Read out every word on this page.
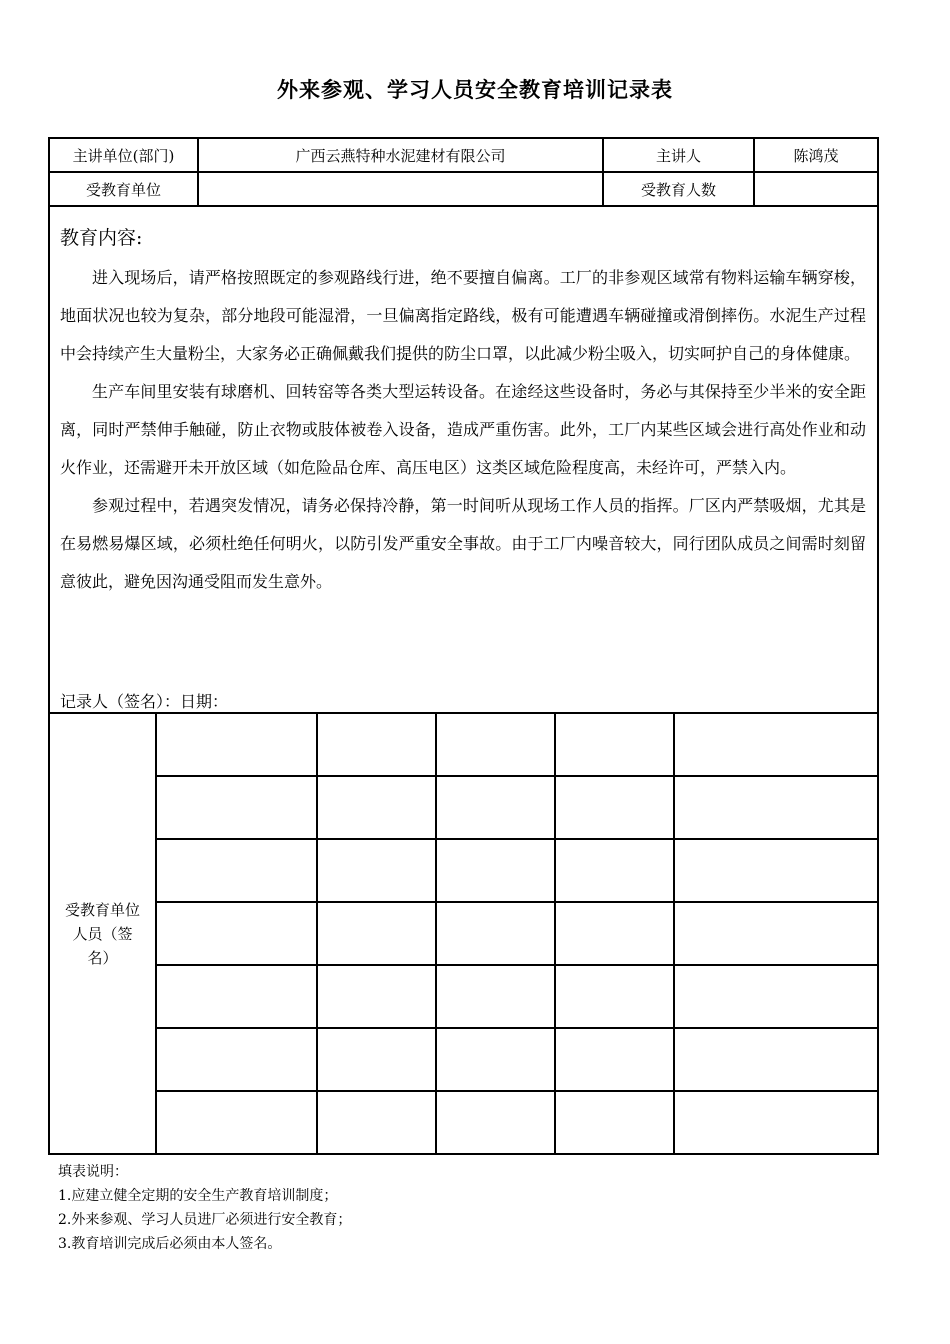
外来参观、学习人员安全教育培训记录表
主讲单位(部门)		广西云燕特种水泥建材有限公司				主讲人		陈鸿茂	
受教育单位						受教育人数			

教育内容:

进入现场后，请严格按照既定的参观路线行进，绝不要擅自偏离。工厂的非参观区域常有物料运输车辆穿梭，地面状况也较为复杂，部分地段可能湿滑，一旦偏离指定路线，极有可能遭遇车辆碰撞或滑倒摔伤。水泥生产过程中会持续产生大量粉尘，大家务必正确佩戴我们提供的防尘口罩，以此减少粉尘吸入，切实呵护自己的身体健康。

生产车间里安装有球磨机、回转窑等各类大型运转设备。在途经这些设备时，务必与其保持至少半米的安全距离，同时严禁伸手触碰，防止衣物或肢体被卷入设备，造成严重伤害。此外，工厂内某些区域会进行高处作业和动火作业，还需避开未开放区域（如危险品仓库、高压电区）这类区域危险程度高，未经许可，严禁入内。

参观过程中，若遇突发情况，请务必保持冷静，第一时间听从现场工作人员的指挥。厂区内严禁吸烟，尤其是在易燃易爆区域，必须杜绝任何明火，以防引发严重安全事故。由于工厂内噪音较大，同行团队成员之间需时刻留意彼此，避免因沟通受阻而发生意外。

记录人（签名）：日期：									

受教育单位
人员（签
名）									

填表说明：
1.应建立健全定期的安全生产教育培训制度；
2.外来参观、学习人员进厂必须进行安全教育；
3.教育培训完成后必须由本人签名。
